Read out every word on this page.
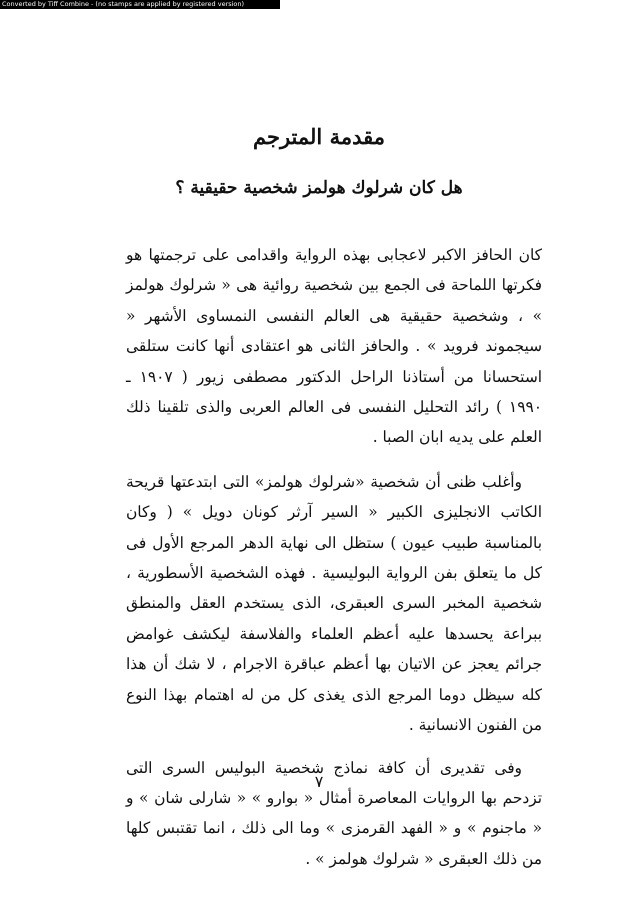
Converted by Tiff Combine - (no stamps are applied by registered version)
مقدمة المترجم
هل كان شرلوك هولمز شخصية حقيقية ؟

كان الحافز الاكبر لاعجابى بهذه الرواية واقدامى على ترجمتها هو فكرتها اللماحة فى الجمع بين شخصية روائية هى « شرلوك هولمز » ، وشخصية حقيقية هى العالم النفسى النمساوى الأشهر « سيجموند فرويد » . والحافز الثانى هو اعتقادى أنها كانت ستلقى استحسانا من أستاذنا الراحل الدكتور مصطفى زيور ( ١٩٠٧ ـ ١٩٩٠ ) رائد التحليل النفسى فى العالم العربى والذى تلقينا ذلك العلم على يديه ابان الصبا .

وأغلب ظنى أن شخصية «شرلوك هولمز» التى ابتدعتها قريحة الكاتب الانجليزى الكبير « السير آرثر كونان دويل » ( وكان بالمناسبة طبيب عيون ) ستظل الى نهاية الدهر المرجع الأول فى كل ما يتعلق بفن الرواية البوليسية . فهذه الشخصية الأسطورية ، شخصية المخبر السرى العبقرى، الذى يستخدم العقل والمنطق ببراعة يحسدها عليه أعظم العلماء والفلاسفة ليكشف غوامض جرائم يعجز عن الاتيان بها أعظم عباقرة الاجرام ، لا شك أن هذا كله سيظل دوما المرجع الذى يغذى كل من له اهتمام بهذا النوع من الفنون الانسانية .

وفى تقديرى أن كافة نماذج شخصية البوليس السرى التى تزدحم بها الروايات المعاصرة أمثال « بوارو » « شارلى شان » و « ماجنوم » و « الفهد القرمزى » وما الى ذلك ، انما تقتبس كلها من ذلك العبقرى « شرلوك هولمز » .

٧
